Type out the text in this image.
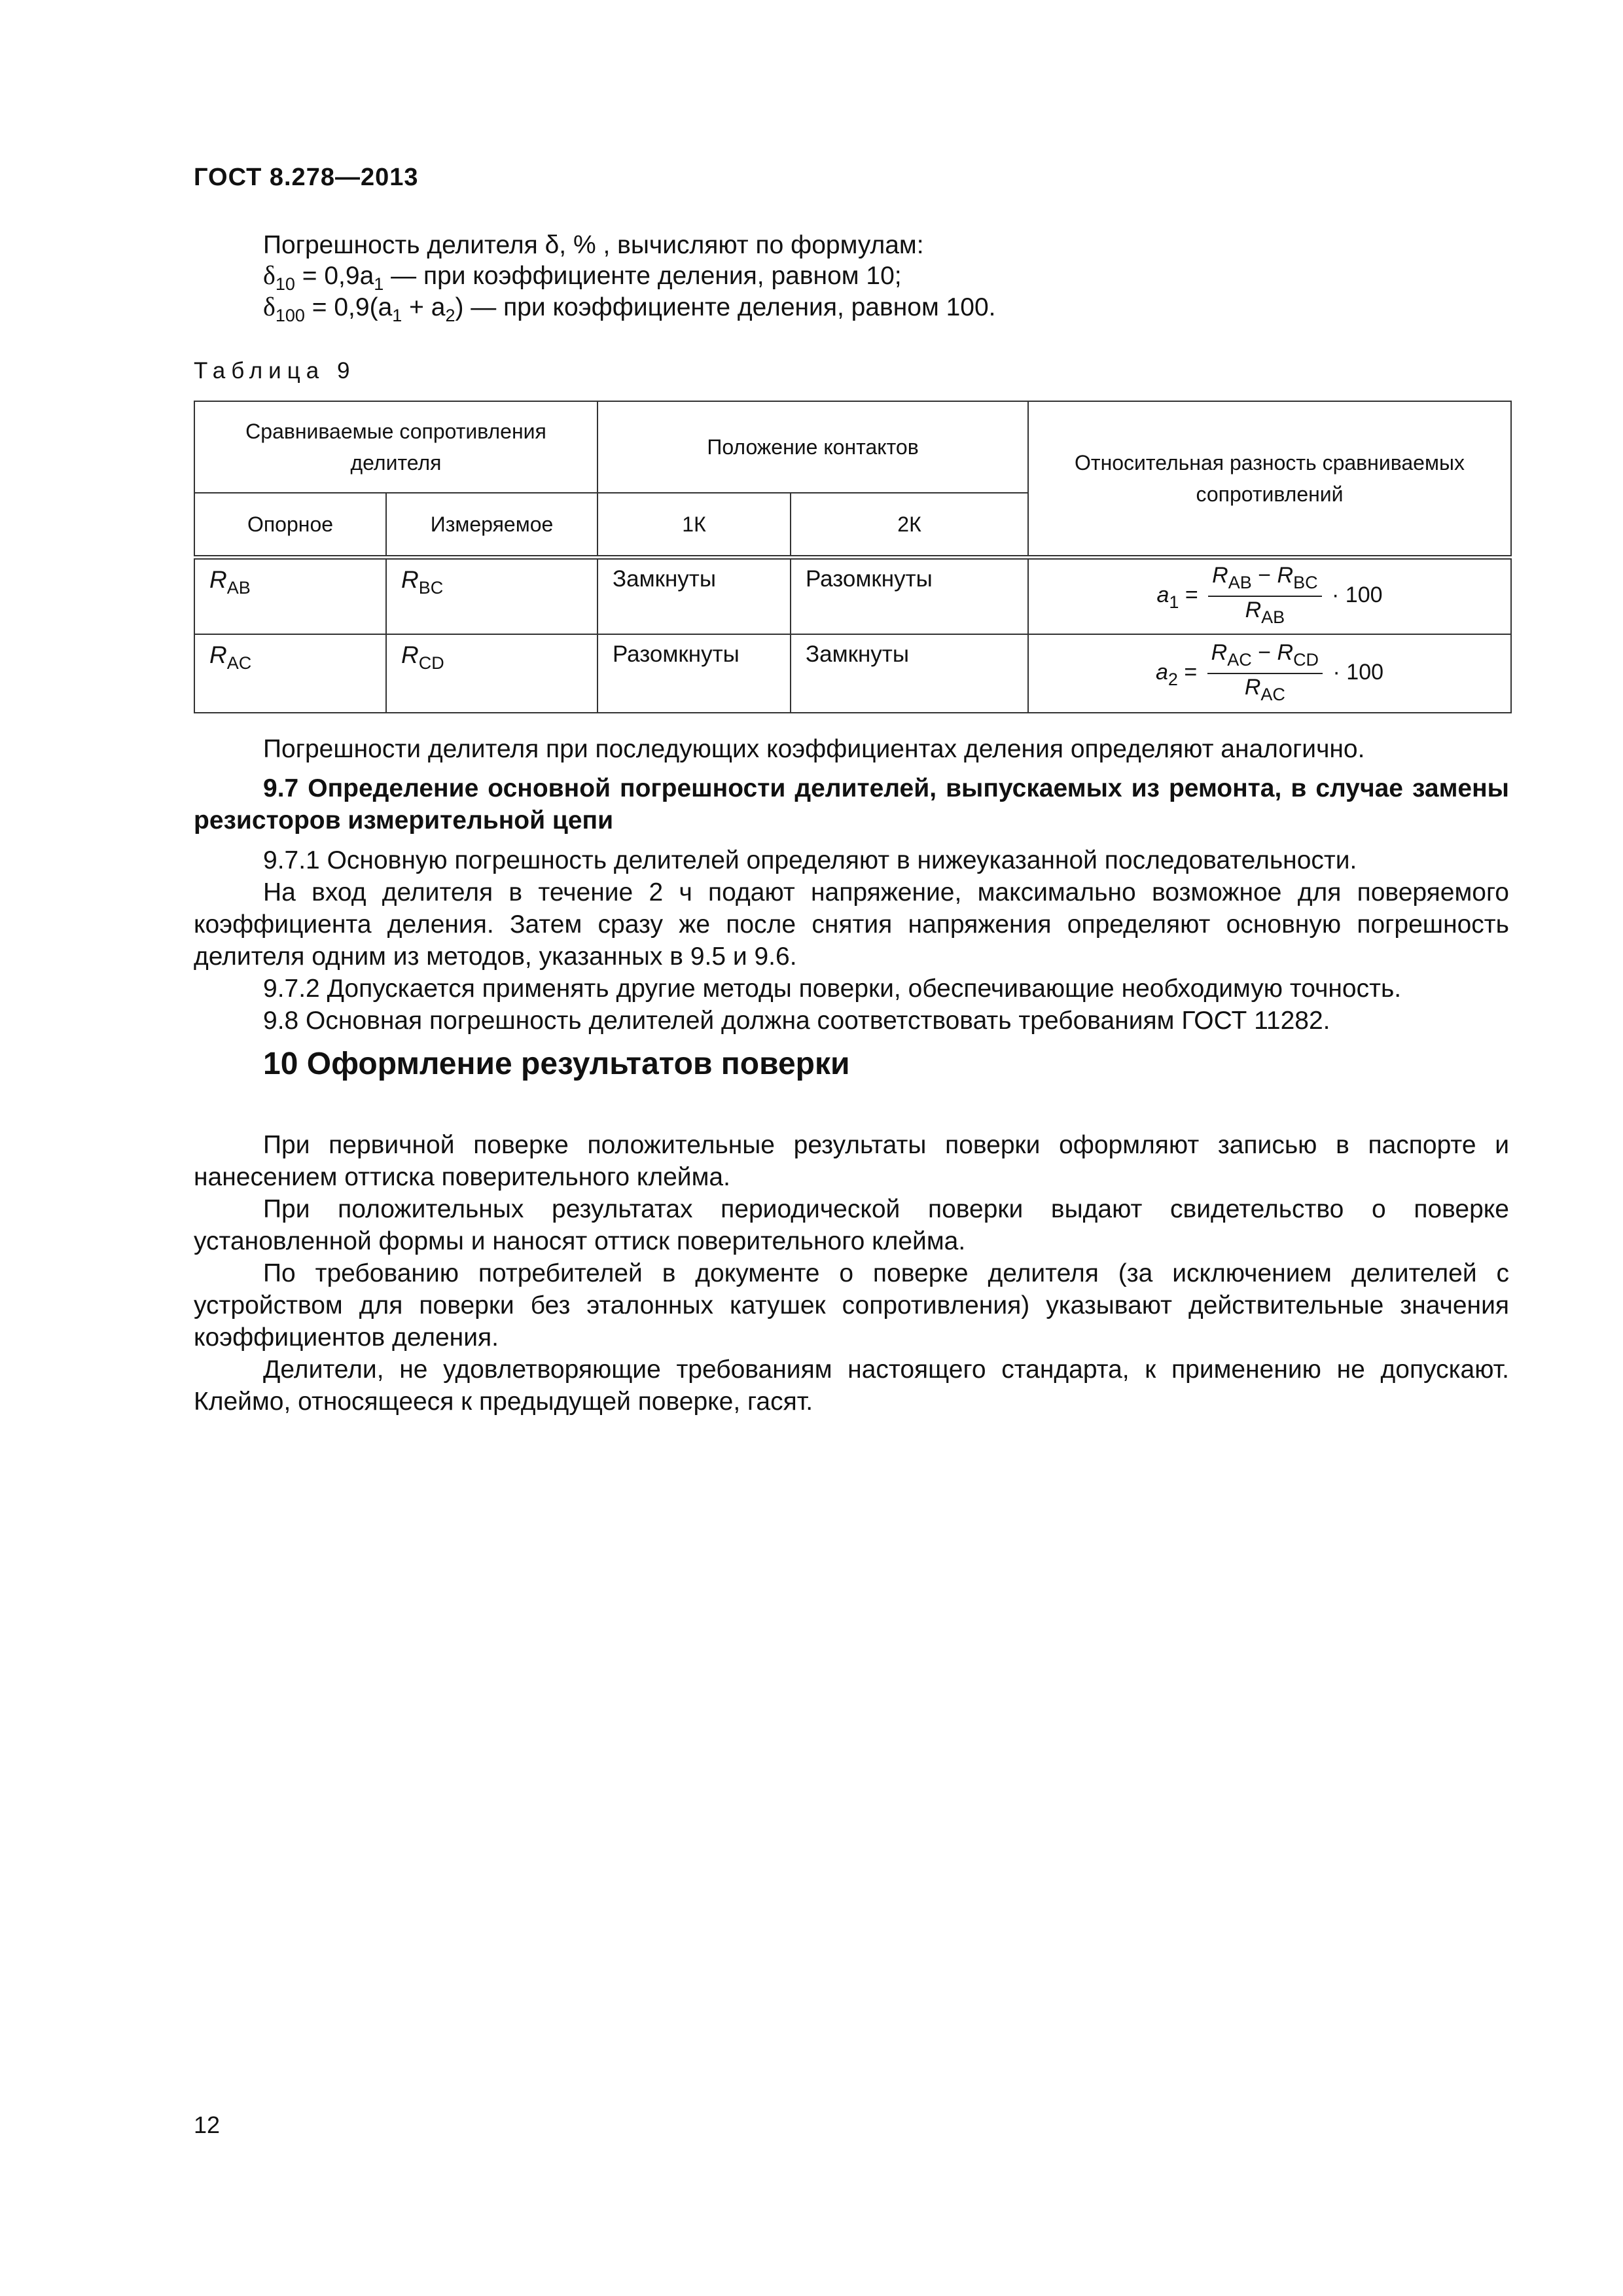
ГОСТ 8.278—2013
Погрешность делителя δ, % , вычисляют по формулам:
$\delta_{10} = 0,9a_1$ — при коэффициенте деления, равном 10;
$\delta_{100} = 0,9(a_1 + a_2)$ — при коэффициенте деления, равном 100.
Таблица 9
Сравниваемые сопротивления делителя		Положение контактов		Относительная разность сравниваемых сопротивлений
Опорное	Измеряемое	1К	2К	
$R_{AB}$	$R_{BC}$	Замкнуты	Разомкнуты	$a_1 = \frac{R_{AB} - R_{BC}}{R_{AB}} \cdot 100$
$R_{AC}$	$R_{CD}$	Разомкнуты	Замкнуты	$a_2 = \frac{R_{AC} - R_{CD}}{R_{AC}} \cdot 100$
Погрешности делителя при последующих коэффициентах деления определяют аналогично.
9.7 Определение основной погрешности делителей, выпускаемых из ремонта, в случае замены резисторов измерительной цепи
9.7.1 Основную погрешность делителей определяют в нижеуказанной последовательности.
На вход делителя в течение 2 ч подают напряжение, максимально возможное для поверяемого коэффициента деления. Затем сразу же после снятия напряжения определяют основную погрешность делителя одним из методов, указанных в 9.5 и 9.6.
9.7.2 Допускается применять другие методы поверки, обеспечивающие необходимую точность.
9.8 Основная погрешность делителей должна соответствовать требованиям ГОСТ 11282.
10 Оформление результатов поверки
При первичной поверке положительные результаты поверки оформляют записью в паспорте и нанесением оттиска поверительного клейма.
При положительных результатах периодической поверки выдают свидетельство о поверке установленной формы и наносят оттиск поверительного клейма.
По требованию потребителей в документе о поверке делителя (за исключением делителей с устройством для поверки без эталонных катушек сопротивления) указывают действительные значения коэффициентов деления.
Делители, не удовлетворяющие требованиям настоящего стандарта, к применению не допускают. Клеймо, относящееся к предыдущей поверке, гасят.
12
